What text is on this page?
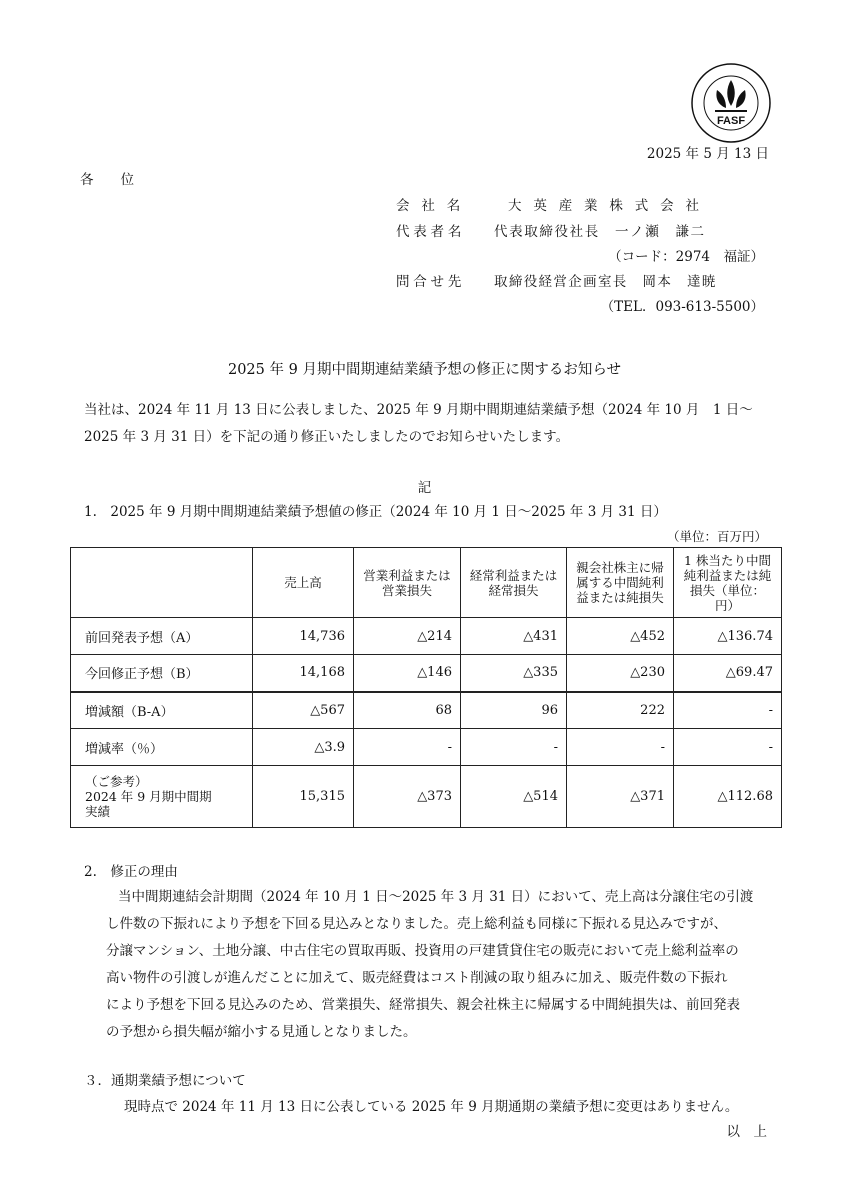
FASF
2025 年 5 月 13 日
各　　位
会 社 名	大 英 産 業 株 式 会 社
代表者名 代表取締役社長　一ノ瀬　謙二
（コード：2974　福証）
問合せ先 取締役経営企画室長　岡本　達暁
（TEL．093-613-5500）
2025 年 9 月期中間期連結業績予想の修正に関するお知らせ
当社は、2024 年 11 月 13 日に公表しました、2025 年 9 月期中間期連結業績予想（2024 年 10 月　1 日～
2025 年 3 月 31 日）を下記の通り修正いたしましたのでお知らせいたします。
記
1.　2025 年 9 月期中間期連結業績予想値の修正（2024 年 10 月 1 日～2025 年 3 月 31 日）
（単位：百万円）
	売上高	営業利益または営業損失	経常利益または経常損失	親会社株主に帰属する中間純利益または純損失	1 株当たり中間純利益または純損失（単位：円）
前回発表予想（A）	14,736	△214	△431	△452	△136.74
今回修正予想（B）	14,168	△146	△335	△230	△69.47
増減額（B-A）	△567	68	96	222	-
増減率（％）	△3.9	-	-	-	-

（ご参考）
2024 年 9 月期中間期
実績	15,315	△373	△514	△371	△112.68
2.　修正の理由
当中間期連結会計期間（2024 年 10 月 1 日～2025 年 3 月 31 日）において、売上高は分譲住宅の引渡
し件数の下振れにより予想を下回る見込みとなりました。売上総利益も同様に下振れる見込みですが、
分譲マンション、土地分譲、中古住宅の買取再販、投資用の戸建賃貸住宅の販売において売上総利益率の
高い物件の引渡しが進んだことに加えて、販売経費はコスト削減の取り組みに加え、販売件数の下振れ
により予想を下回る見込みのため、営業損失、経常損失、親会社株主に帰属する中間純損失は、前回発表
の予想から損失幅が縮小する見通しとなりました。
３．通期業績予想について
現時点で 2024 年 11 月 13 日に公表している 2025 年 9 月期通期の業績予想に変更はありません。
以　上
